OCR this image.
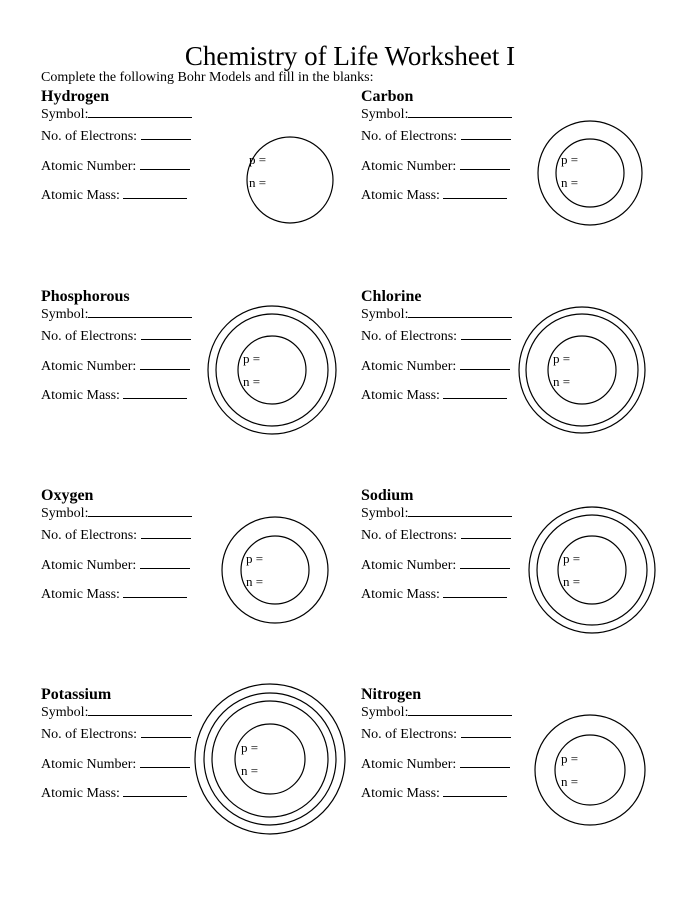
Chemistry of Life Worksheet I
Complete the following Bohr Models and fill in the blanks:
Hydrogen
Symbol:
No. of Electrons:
Atomic Number:
Atomic Mass:
p =
n =
Carbon
Symbol:
No. of Electrons:
Atomic Number:
Atomic Mass:
p =
n =
Phosphorous
Symbol:
No. of Electrons:
Atomic Number:
Atomic Mass:
p =
n =
Chlorine
Symbol:
No. of Electrons:
Atomic Number:
Atomic Mass:
p =
n =
Oxygen
Symbol:
No. of Electrons:
Atomic Number:
Atomic Mass:
p =
n =
Sodium
Symbol:
No. of Electrons:
Atomic Number:
Atomic Mass:
p =
n =
Potassium
Symbol:
No. of Electrons:
Atomic Number:
Atomic Mass:
p =
n =
Nitrogen
Symbol:
No. of Electrons:
Atomic Number:
Atomic Mass:
p =
n =
